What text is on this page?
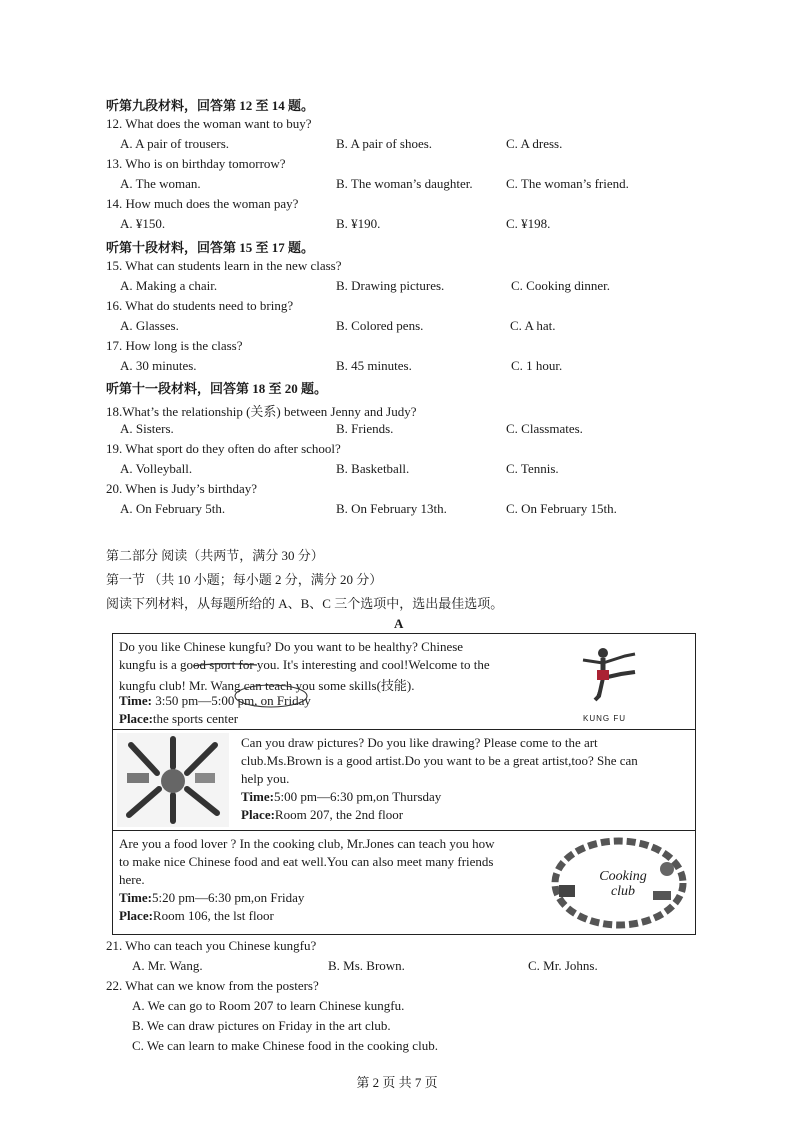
听第九段材料，回答第 12 至 14 题。
12. What does the woman want to buy?
A. A pair of trousers.	B. A pair of shoes.	C. A dress.
13. Who is on birthday tomorrow?
A. The woman.	B. The woman’s daughter.	C. The woman’s friend.
14. How much does the woman pay?
A. ¥150.	B. ¥190.	C. ¥198.
听第十段材料，回答第 15 至 17 题。
15. What can students learn in the new class?
A. Making a chair.	B. Drawing pictures.	C. Cooking dinner.
16. What do students need to bring?
A. Glasses.	B. Colored pens.	C. A hat.
17. How long is the class?
A. 30 minutes.	B. 45 minutes.	C. 1 hour.
听第十一段材料，回答第 18 至 20 题。
18.What’s the relationship (关系) between Jenny and Judy?
A. Sisters.	B. Friends.	C. Classmates.
19. What sport do they often do after school?
A. Volleyball.	B. Basketball.	C. Tennis.
20. When is Judy’s birthday?
A. On February 5th.	B. On February 13th.	C. On February 15th.
第二部分 阅读（共两节，满分 30 分）
第一节 （共 10 小题；每小题 2 分，满分 20 分）
阅读下列材料，从每题所给的 A、B、C 三个选项中，选出最佳选项。
A
Do you like Chinese kungfu? Do you want to be healthy? Chinese
kungfu is a good sport for you. It's interesting and cool!Welcome to the
kungfu club! Mr. Wang can teach you some skills(技能).
Time: 3:50 pm—5:00 pm, on Friday
Place:the sports center	KUNG FU
Can you draw pictures? Do you like drawing? Please come to the art
club.Ms.Brown is a good artist.Do you want to be a great artist,too? She can
help you.
Time:5:00 pm—6:30 pm,on Thursday
Place:Room 207, the 2nd floor
Are you a food lover ? In the cooking club, Mr.Jones can teach you how
to make nice Chinese food and eat well.You can also meet many friends
here.
Time:5:20 pm—6:30 pm,on Friday
Place:Room 106, the lst floor
Cooking club
21. Who can teach you Chinese kungfu?
A. Mr. Wang.	B. Ms. Brown.	C. Mr. Johns.
22. What can we know from the posters?
A. We can go to Room 207 to learn Chinese kungfu.
B. We can draw pictures on Friday in the art club.
C. We can learn to make Chinese food in the cooking club.
第 2 页 共 7 页
